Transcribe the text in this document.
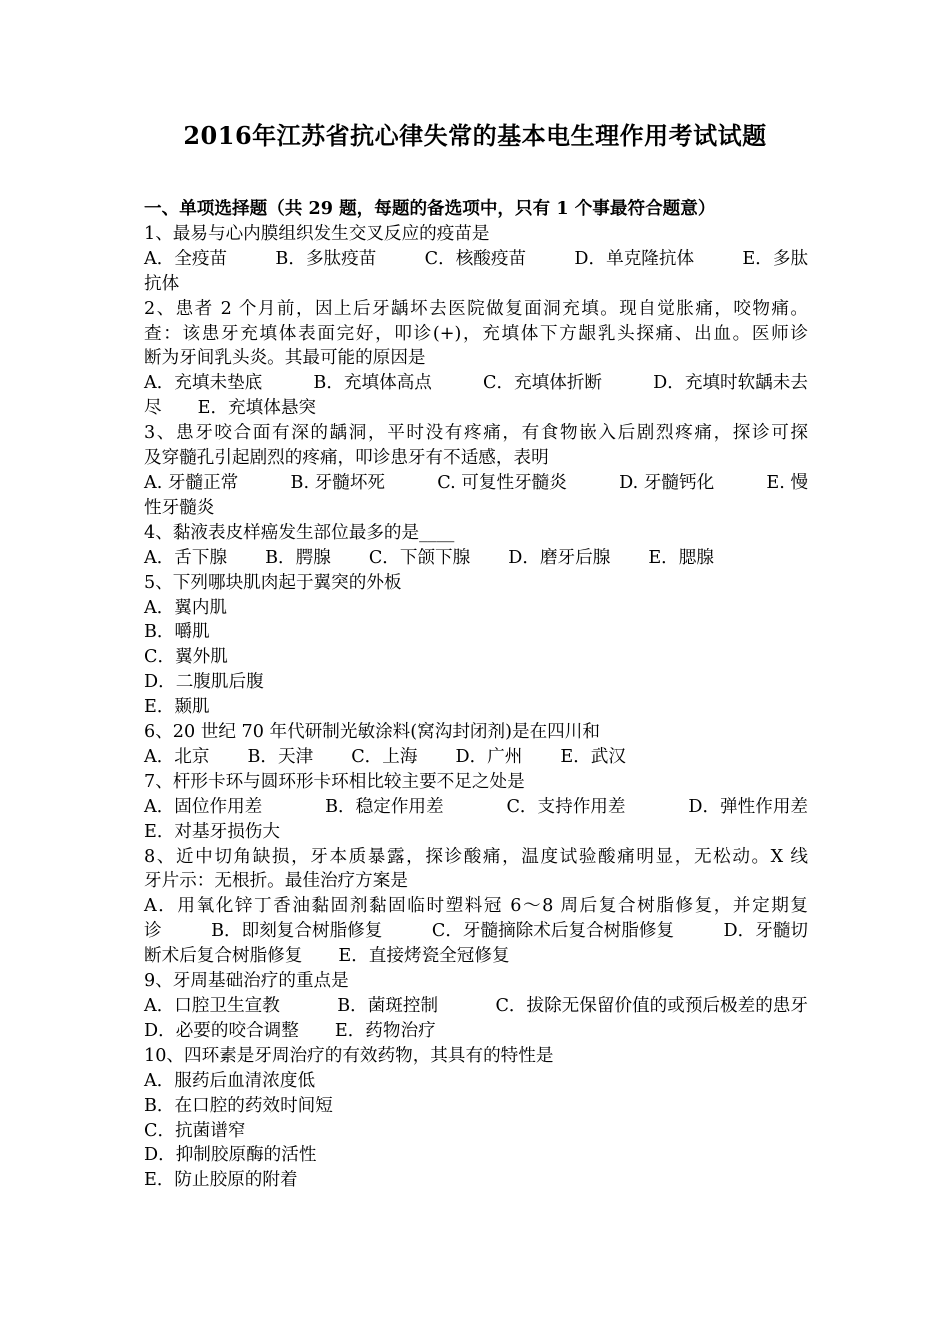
2016年江苏省抗心律失常的基本电生理作用考试试题
一、单项选择题（共 29 题，每题的备选项中，只有 1 个事最符合题意）
1、最易与心内膜组织发生交叉反应的疫苗是
A．全疫苗	B．多肽疫苗	C．核酸疫苗	D．单克隆抗体	E．多肽
抗体
2、患者 2 个月前，因上后牙龋坏去医院做复面洞充填。现自觉胀痛，咬物痛。
查：该患牙充填体表面完好，叩诊(+)，充填体下方龈乳头探痛、出血。医师诊
断为牙间乳头炎。其最可能的原因是
A．充填未垫底	B．充填体高点	C．充填体折断	D．充填时软龋未去
尽 E．充填体悬突
3、患牙咬合面有深的龋洞，平时没有疼痛，有食物嵌入后剧烈疼痛，探诊可探
及穿髓孔引起剧烈的疼痛，叩诊患牙有不适感，表明
A. 牙髓正常	B. 牙髓坏死	C. 可复性牙髓炎	D. 牙髓钙化	E. 慢
性牙髓炎
4、黏液表皮样癌发生部位最多的是____
A．舌下腺 B．腭腺 C．下颌下腺 D．磨牙后腺 E．腮腺
5、下列哪块肌肉起于翼突的外板
A．翼内肌
B．嚼肌
C．翼外肌
D．二腹肌后腹
E．颞肌
6、20 世纪 70 年代研制光敏涂料(窝沟封闭剂)是在四川和
A．北京 B．天津 C．上海 D．广州 E．武汉
7、杆形卡环与圆环形卡环相比较主要不足之处是
A．固位作用差	B．稳定作用差	C．支持作用差	D．弹性作用差
E．对基牙损伤大
8、近中切角缺损，牙本质暴露，探诊酸痛，温度试验酸痛明显，无松动。X 线
牙片示：无根折。最佳治疗方案是
A．用氧化锌丁香油黏固剂黏固临时塑料冠 6～8 周后复合树脂修复，并定期复
诊	B．即刻复合树脂修复	C．牙髓摘除术后复合树脂修复	D．牙髓切
断术后复合树脂修复 E．直接烤瓷全冠修复
9、牙周基础治疗的重点是
A．口腔卫生宣教	B．菌斑控制	C．拔除无保留价值的或预后极差的患牙
D．必要的咬合调整 E．药物治疗
10、四环素是牙周治疗的有效药物，其具有的特性是
A．服药后血清浓度低
B．在口腔的药效时间短
C．抗菌谱窄
D．抑制胶原酶的活性
E．防止胶原的附着
